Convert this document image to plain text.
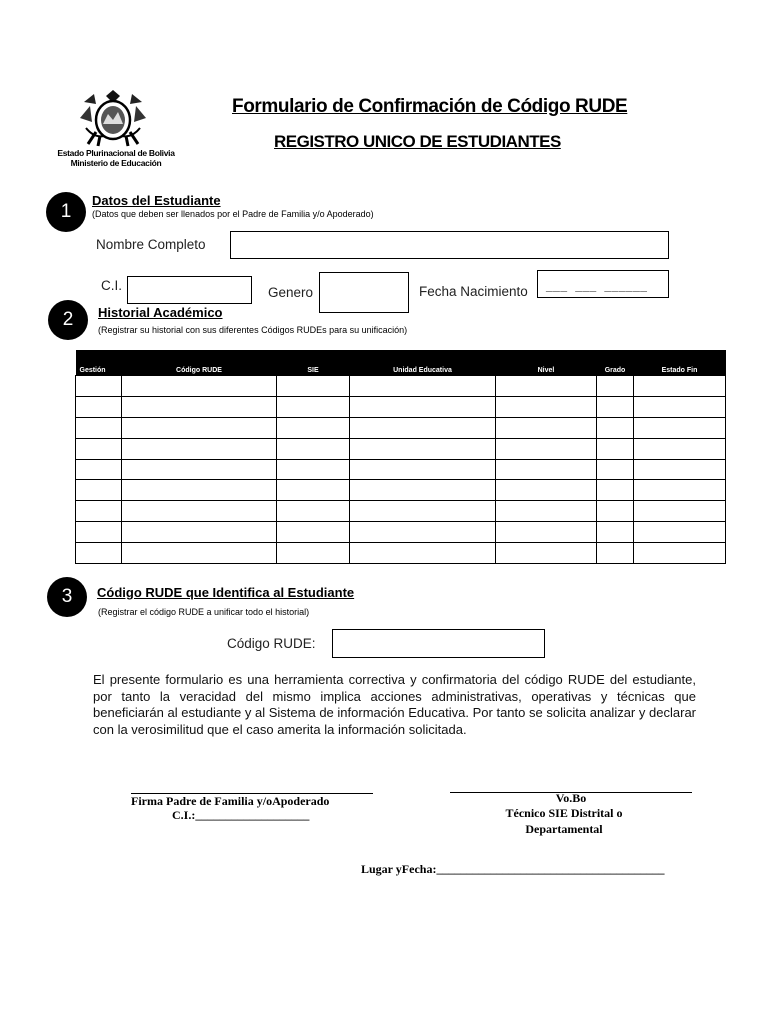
Estado Plurinacional de Bolivia
Ministerio de Educación
Formulario de Confirmación de Código RUDE
REGISTRO UNICO DE ESTUDIANTES
1
Datos del Estudiante
(Datos que deben ser llenados por el Padre de Familia y/o Apoderado)
Nombre Completo
C.I.	Genero	Fecha Nacimiento ___  ___  ______
2	Historial Académico
(Registrar su historial con sus diferentes Códigos RUDEs para su unificación)
Gestión	Código RUDE	SIE	Unidad Educativa	Nivel	Grado	Estado Fin

3	Código RUDE que Identifica al Estudiante
(Registrar el código RUDE a unificar todo el historial)
Código RUDE:
El presente formulario es una herramienta correctiva y confirmatoria del código RUDE del estudiante, por tanto la veracidad del mismo implica acciones administrativas, operativas y técnicas que beneficiarán al estudiante y al Sistema de información Educativa. Por tanto se solicita analizar y declarar con la verosimilitud que el caso amerita la información solicitada.
Firma Padre de Familia y/oApoderado
C.I.:___________________
Vo.Bo
Técnico SIE Distrital o
Departamental
Lugar yFecha:______________________________________
